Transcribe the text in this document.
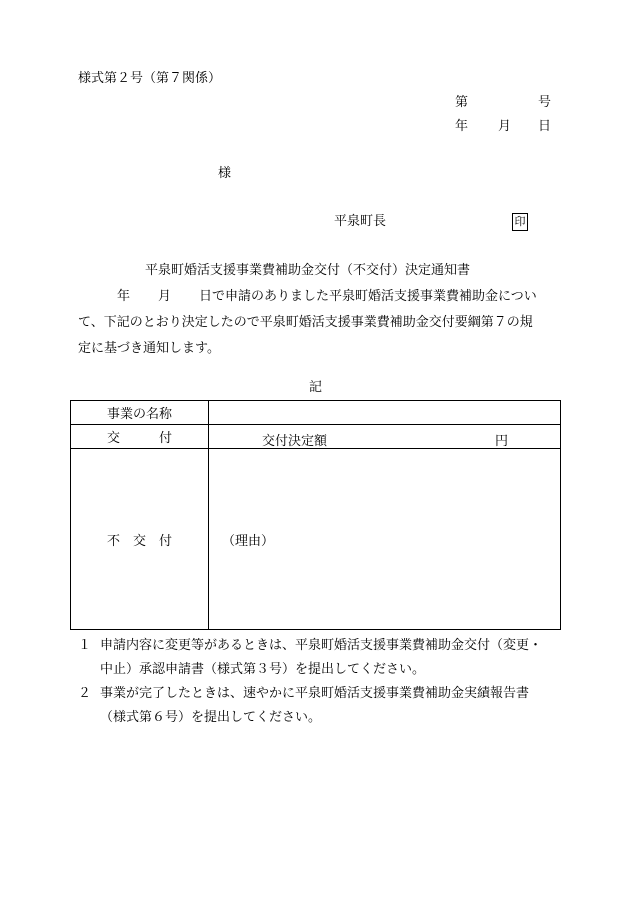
様式第２号（第７関係）
第	号
年 月 日
様
平泉町長	印
平泉町婚活支援事業費補助金交付（不交付）決定通知書
年 月 日で申請のありました平泉町婚活支援事業費補助金につい
て、下記のとおり決定したので平泉町婚活支援事業費補助金交付要綱第７の規
定に基づき通知します。
記
事業の名称	
交　　　付	交付決定額 円

不　交　付	（理由）
１ 申請内容に変更等があるときは、平泉町婚活支援事業費補助金交付（変更・
中止）承認申請書（様式第３号）を提出してください。
２ 事業が完了したときは、速やかに平泉町婚活支援事業費補助金実績報告書
（様式第６号）を提出してください。
